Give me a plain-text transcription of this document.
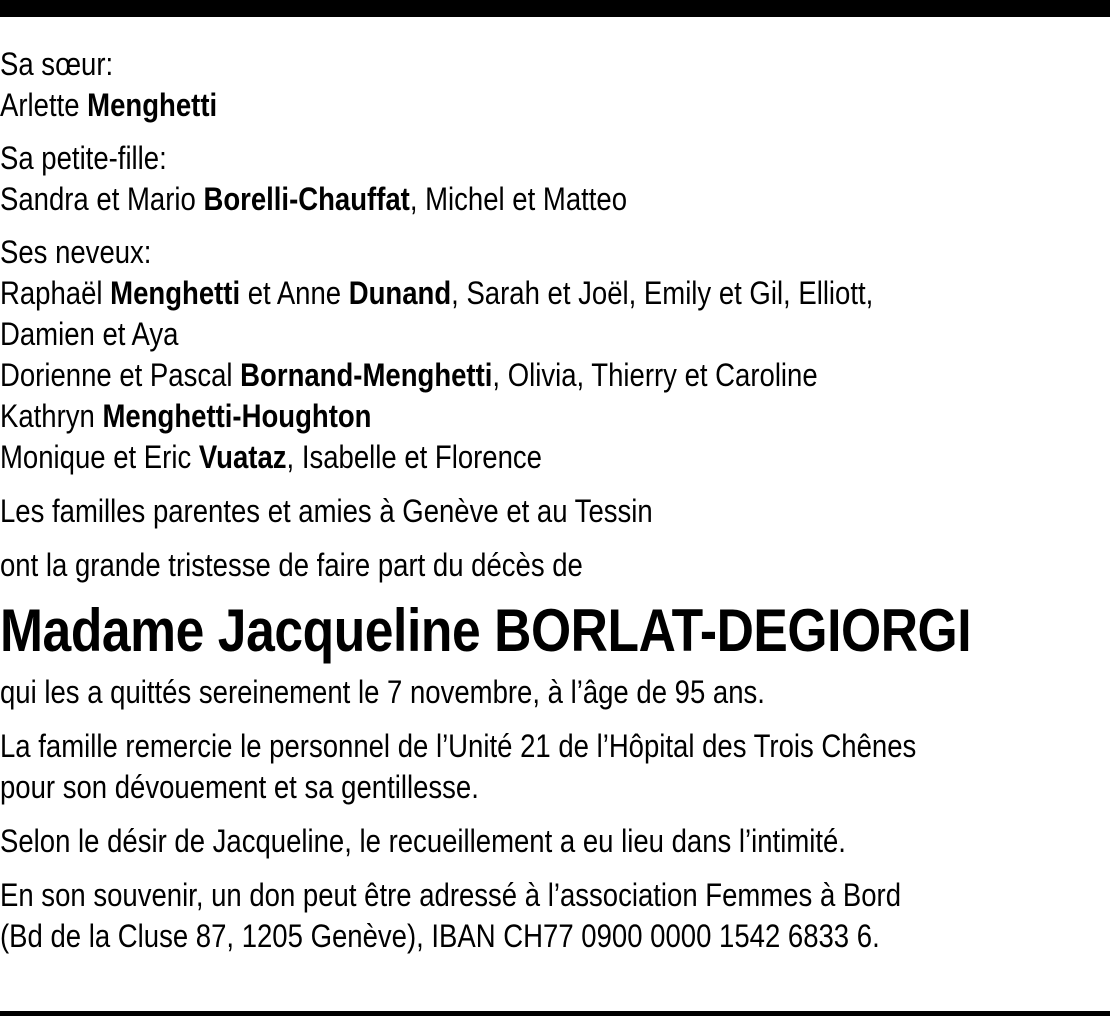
Sa sœur:
Arlette Menghetti
Sa petite-fille:
Sandra et Mario Borelli-Chauffat, Michel et Matteo
Ses neveux:
Raphaël Menghetti et Anne Dunand, Sarah et Joël, Emily et Gil, Elliott,
Damien et Aya
Dorienne et Pascal Bornand-Menghetti, Olivia, Thierry et Caroline
Kathryn Menghetti-Houghton
Monique et Eric Vuataz, Isabelle et Florence
Les familles parentes et amies à Genève et au Tessin
ont la grande tristesse de faire part du décès de
Madame Jacqueline BORLAT-DEGIORGI
qui les a quittés sereinement le 7 novembre, à l’âge de 95 ans.
La famille remercie le personnel de l’Unité 21 de l’Hôpital des Trois Chênes
pour son dévouement et sa gentillesse.
Selon le désir de Jacqueline, le recueillement a eu lieu dans l’intimité.
En son souvenir, un don peut être adressé à l’association Femmes à Bord
(Bd de la Cluse 87, 1205 Genève), IBAN CH77 0900 0000 1542 6833 6.
